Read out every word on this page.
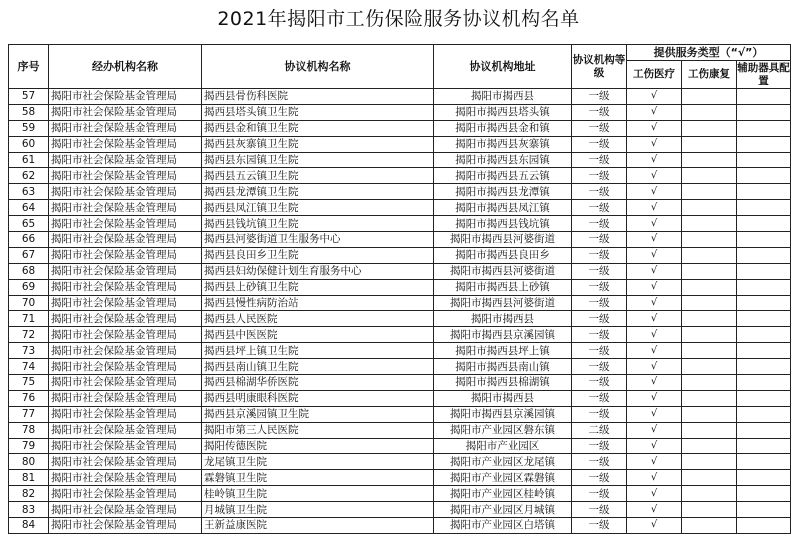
2021年揭阳市工伤保险服务协议机构名单
序号	经办机构名称	协议机构名称	协议机构地址	协议机构等级	提供服务类型（“√”）		
					工伤医疗	工伤康复	辅助器具配置
57	揭阳市社会保险基金管理局	揭西县骨伤科医院	揭阳市揭西县	一级	√		
58	揭阳市社会保险基金管理局	揭西县塔头镇卫生院	揭阳市揭西县塔头镇	一级	√		
59	揭阳市社会保险基金管理局	揭西县金和镇卫生院	揭阳市揭西县金和镇	一级	√		
60	揭阳市社会保险基金管理局	揭西县灰寨镇卫生院	揭阳市揭西县灰寨镇	一级	√		
61	揭阳市社会保险基金管理局	揭西县东园镇卫生院	揭阳市揭西县东园镇	一级	√		
62	揭阳市社会保险基金管理局	揭西县五云镇卫生院	揭阳市揭西县五云镇	一级	√		
63	揭阳市社会保险基金管理局	揭西县龙潭镇卫生院	揭阳市揭西县龙潭镇	一级	√		
64	揭阳市社会保险基金管理局	揭西县凤江镇卫生院	揭阳市揭西县凤江镇	一级	√		
65	揭阳市社会保险基金管理局	揭西县钱坑镇卫生院	揭阳市揭西县钱坑镇	一级	√		
66	揭阳市社会保险基金管理局	揭西县河婆街道卫生服务中心	揭阳市揭西县河婆街道	一级	√		
67	揭阳市社会保险基金管理局	揭西县良田乡卫生院	揭阳市揭西县良田乡	一级	√		
68	揭阳市社会保险基金管理局	揭西县妇幼保健计划生育服务中心	揭阳市揭西县河婆街道	一级	√		
69	揭阳市社会保险基金管理局	揭西县上砂镇卫生院	揭阳市揭西县上砂镇	一级	√		
70	揭阳市社会保险基金管理局	揭西县慢性病防治站	揭阳市揭西县河婆街道	一级	√		
71	揭阳市社会保险基金管理局	揭西县人民医院	揭阳市揭西县	一级	√		
72	揭阳市社会保险基金管理局	揭西县中医医院	揭阳市揭西县京溪园镇	一级	√		
73	揭阳市社会保险基金管理局	揭西县坪上镇卫生院	揭阳市揭西县坪上镇	一级	√		
74	揭阳市社会保险基金管理局	揭西县南山镇卫生院	揭阳市揭西县南山镇	一级	√		
75	揭阳市社会保险基金管理局	揭西县棉湖华侨医院	揭阳市揭西县棉湖镇	一级	√		
76	揭阳市社会保险基金管理局	揭西县明康眼科医院	揭阳市揭西县	一级	√		
77	揭阳市社会保险基金管理局	揭西县京溪园镇卫生院	揭阳市揭西县京溪园镇	一级	√		
78	揭阳市社会保险基金管理局	揭阳市第三人民医院	揭阳市产业园区磐东镇	二级	√		
79	揭阳市社会保险基金管理局	揭阳传德医院	揭阳市产业园区	一级	√		
80	揭阳市社会保险基金管理局	龙尾镇卫生院	揭阳市产业园区龙尾镇	一级	√		
81	揭阳市社会保险基金管理局	霖磐镇卫生院	揭阳市产业园区霖磐镇	一级	√		
82	揭阳市社会保险基金管理局	桂岭镇卫生院	揭阳市产业园区桂岭镇	一级	√		
83	揭阳市社会保险基金管理局	月城镇卫生院	揭阳市产业园区月城镇	一级	√		
84	揭阳市社会保险基金管理局	王新益康医院	揭阳市产业园区白塔镇	一级	√		
